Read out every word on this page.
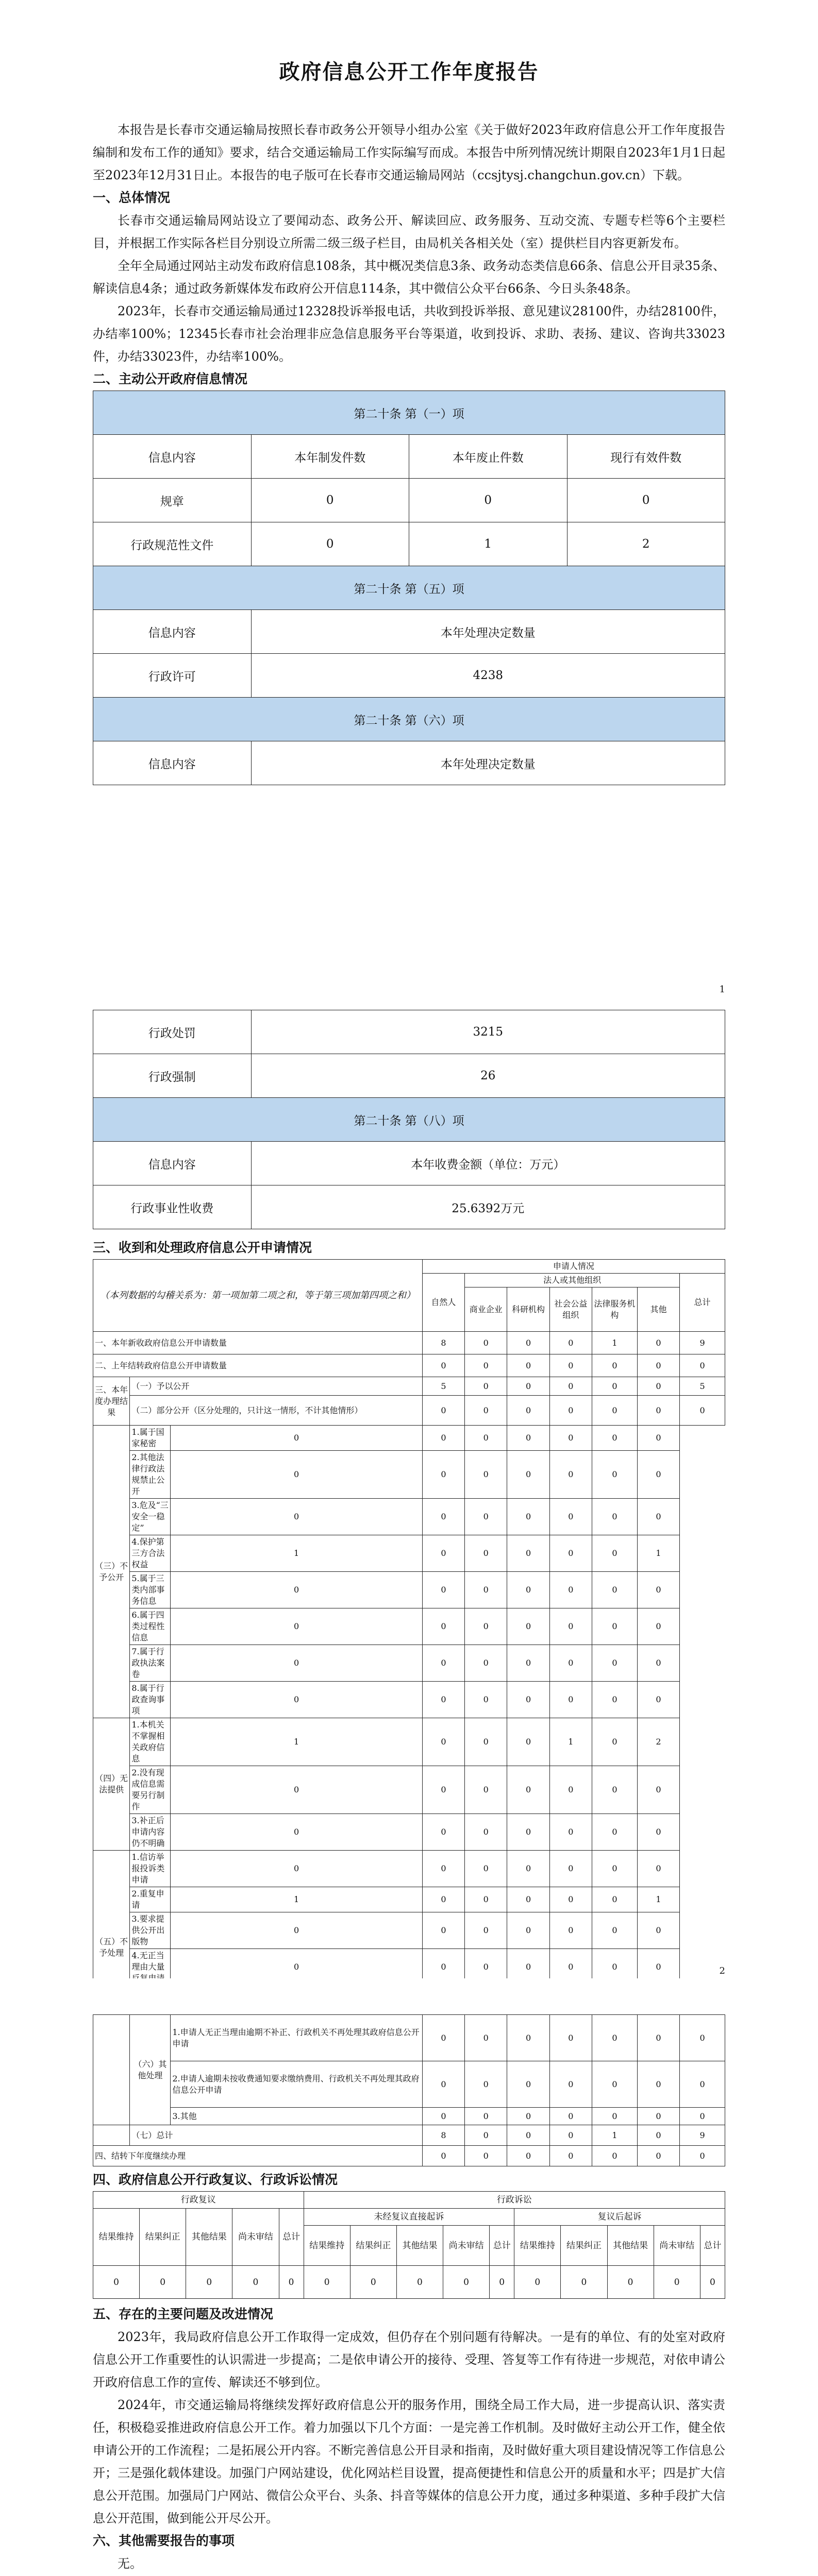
政府信息公开工作年度报告

本报告是长春市交通运输局按照长春市政务公开领导小组办公室《关于做好2023年政府信息公开工作年度报告编制和发布工作的通知》要求，结合交通运输局工作实际编写而成。本报告中所列情况统计期限自2023年1月1日起至2023年12月31日止。本报告的电子版可在长春市交通运输局网站（ccsjtysj.changchun.gov.cn）下载。

一、总体情况

长春市交通运输局网站设立了要闻动态、政务公开、解读回应、政务服务、互动交流、专题专栏等6个主要栏目，并根据工作实际各栏目分别设立所需二级三级子栏目，由局机关各相关处（室）提供栏目内容更新发布。

全年全局通过网站主动发布政府信息108条，其中概况类信息3条、政务动态类信息66条、信息公开目录35条、解读信息4条；通过政务新媒体发布政府公开信息114条，其中微信公众平台66条、今日头条48条。

2023年，长春市交通运输局通过12328投诉举报电话，共收到投诉举报、意见建议28100件，办结28100件，办结率100%；12345长春市社会治理非应急信息服务平台等渠道，收到投诉、求助、表扬、建议、咨询共33023件，办结33023件，办结率100%。

二、主动公开政府信息情况

第二十条 第（一）项			
信息内容	本年制发件数	本年废止件数	现行有效件数
规章	0	0	0
行政规范性文件	0	1	2
第二十条 第（五）项			
信息内容	本年处理决定数量		
行政许可	4238		
第二十条 第（六）项			
信息内容	本年处理决定数量		
1
行政处罚	3215
行政强制	26
第二十条 第（八）项	
信息内容	本年收费金额（单位：万元）
行政事业性收费	25.6392万元

三、收到和处理政府信息公开申请情况

（本列数据的勾稽关系为：第一项加第二项之和，等于第三项加第四项之和）			申请人情况						
			自然人	法人或其他组织					总计
				商业企业	科研机构	社会公益组织	法律服务机构	其他	
一、本年新收政府信息公开申请数量			8	0	0	0	1	0	9
二、上年结转政府信息公开申请数量			0	0	0	0	0	0	0
三、本年度办理结果	（一）予以公开		5	0	0	0	0	0	5
	（二）部分公开（区分处理的，只计这一情形，不计其他情形）		0	0	0	0	0	0	0
（三）不予公开	1.属于国家秘密	0	0	0	0	0	0	0	
	2.其他法律行政法规禁止公开	0	0	0	0	0	0	0	
	3.危及“三安全一稳定”	0	0	0	0	0	0	0	
	4.保护第三方合法权益	1	0	0	0	0	0	1	
	5.属于三类内部事务信息	0	0	0	0	0	0	0	
	6.属于四类过程性信息	0	0	0	0	0	0	0	
	7.属于行政执法案卷	0	0	0	0	0	0	0	
	8.属于行政查询事项	0	0	0	0	0	0	0	
（四）无法提供	1.本机关不掌握相关政府信息	1	0	0	0	1	0	2	
	2.没有现成信息需要另行制作	0	0	0	0	0	0	0	
	3.补正后申请内容仍不明确	0	0	0	0	0	0	0	
（五）不予处理	1.信访举报投诉类申请	0	0	0	0	0	0	0	
	2.重复申请	1	0	0	0	0	0	1	
	3.要求提供公开出版物	0	0	0	0	0	0	0	
	4.无正当理由大量	0	0	0	0	0	0	0	
								2
	（六）其他处理	1.申请人无正当理由逾期不补正、行政机关不再处理其政府信息公开申请	0	0	0	0	0	0	0
		2.申请人逾期未按收费通知要求缴纳费用、行政机关不再处理其政府信息公开申请	0	0	0	0	0	0	0
		3.其他	0	0	0	0	0	0	0
	（七）总计		8	0	0	0	1	0	9
四、结转下年度继续办理			0	0	0	0	0	0	0

四、政府信息公开行政复议、行政诉讼情况

行政复议					行政诉讼									
结果维持	结果纠正	其他结果	尚未审结	总计	未经复议直接起诉					复议后起诉				
					结果维持	结果纠正	其他结果	尚未审结	总计	结果维持	结果纠正	其他结果	尚未审结	总计
0	0	0	0	0	0	0	0	0	0	0	0	0	0	0

五、存在的主要问题及改进情况

2023年，我局政府信息公开工作取得一定成效，但仍存在个别问题有待解决。一是有的单位、有的处室对政府信息公开工作重要性的认识需进一步提高；二是依申请公开的接待、受理、答复等工作有待进一步规范，对依申请公开政府信息工作的宣传、解读还不够到位。

2024年，市交通运输局将继续发挥好政府信息公开的服务作用，围绕全局工作大局，进一步提高认识、落实责任，积极稳妥推进政府信息公开工作。着力加强以下几个方面：一是完善工作机制。及时做好主动公开工作，健全依申请公开的工作流程；二是拓展公开内容。不断完善信息公开目录和指南，及时做好重大项目建设情况等工作信息公开；三是强化载体建设。加强门户网站建设，优化网站栏目设置，提高便捷性和信息公开的质量和水平；四是扩大信息公开范围。加强局门户网站、微信公众平台、头条、抖音等媒体的信息公开力度，通过多种渠道、多种手段扩大信息公开范围，做到能公开尽公开。

六、其他需要报告的事项

无。
